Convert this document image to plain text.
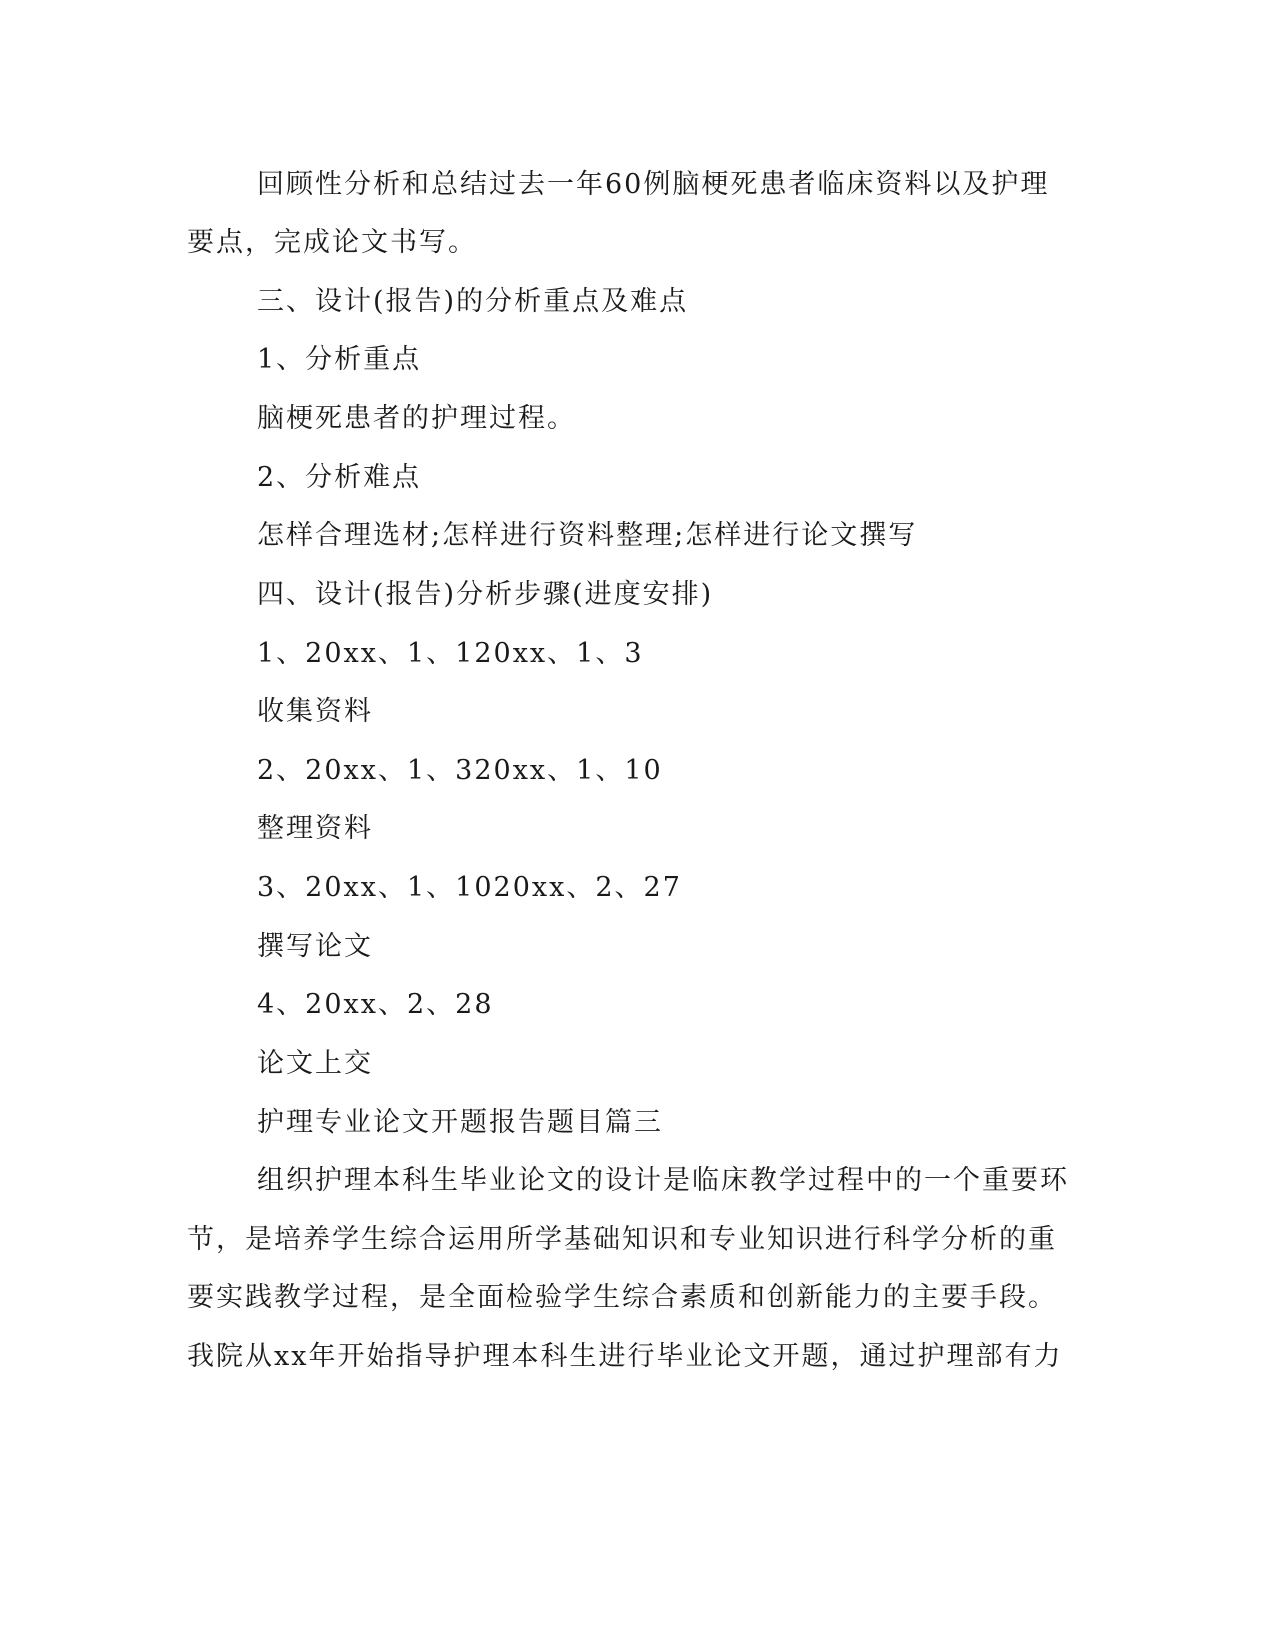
回顾性分析和总结过去一年60例脑梗死患者临床资料以及护理
要点，完成论文书写。
三、设计(报告)的分析重点及难点
1、分析重点
脑梗死患者的护理过程。
2、分析难点
怎样合理选材;怎样进行资料整理;怎样进行论文撰写
四、设计(报告)分析步骤(进度安排)
1、20xx、1、120xx、1、3
收集资料
2、20xx、1、320xx、1、10
整理资料
3、20xx、1、1020xx、2、27
撰写论文
4、20xx、2、28
论文上交
护理专业论文开题报告题目篇三
组织护理本科生毕业论文的设计是临床教学过程中的一个重要环
节，是培养学生综合运用所学基础知识和专业知识进行科学分析的重
要实践教学过程，是全面检验学生综合素质和创新能力的主要手段。
我院从xx年开始指导护理本科生进行毕业论文开题，通过护理部有力
